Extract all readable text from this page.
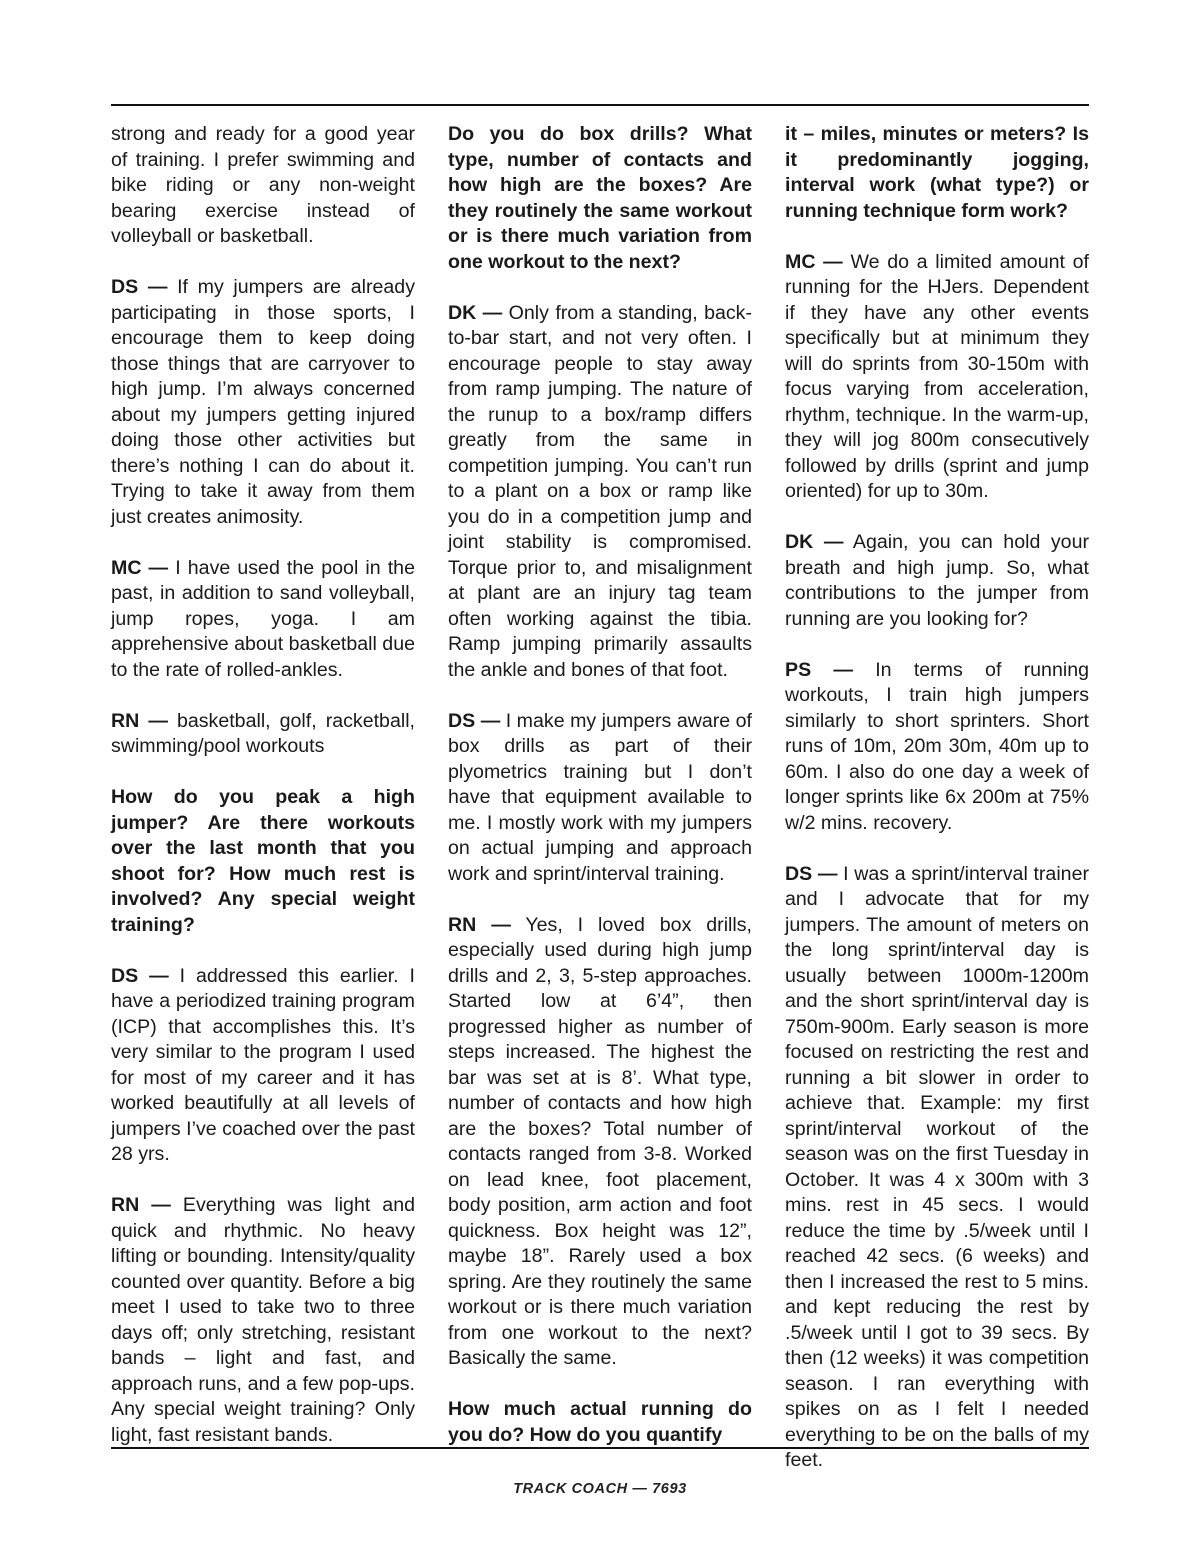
strong and ready for a good year of training. I prefer swimming and bike riding or any non-weight bearing exercise instead of volleyball or basketball.

DS — If my jumpers are already participating in those sports, I encourage them to keep doing those things that are carryover to high jump. I’m always concerned about my jumpers getting injured doing those other activities but there’s nothing I can do about it. Trying to take it away from them just creates animosity.

MC — I have used the pool in the past, in addition to sand volleyball, jump ropes, yoga. I am apprehensive about basketball due to the rate of rolled-ankles.

RN — basketball, golf, racketball, swimming/pool workouts

How do you peak a high jumper? Are there workouts over the last month that you shoot for? How much rest is involved? Any special weight training?

DS — I addressed this earlier. I have a periodized training program (ICP) that accomplishes this. It’s very similar to the program I used for most of my career and it has worked beautifully at all levels of jumpers I’ve coached over the past 28 yrs.

RN — Everything was light and quick and rhythmic. No heavy lifting or bounding. Intensity/quality counted over quantity. Before a big meet I used to take two to three days off; only stretching, resistant bands – light and fast, and approach runs, and a few pop-ups. Any special weight training? Only light, fast resistant bands.

Do you do box drills? What type, number of contacts and how high are the boxes? Are they routinely the same workout or is there much variation from one workout to the next?

DK — Only from a standing, back-to-bar start, and not very often. I encourage people to stay away from ramp jumping. The nature of the runup to a box/ramp differs greatly from the same in competition jumping. You can’t run to a plant on a box or ramp like you do in a competition jump and joint stability is compromised. Torque prior to, and misalignment at plant are an injury tag team often working against the tibia. Ramp jumping primarily assaults the ankle and bones of that foot.

DS — I make my jumpers aware of box drills as part of their plyometrics training but I don’t have that equipment available to me. I mostly work with my jumpers on actual jumping and approach work and sprint/interval training.

RN — Yes, I loved box drills, especially used during high jump drills and 2, 3, 5-step approaches. Started low at 6’4”, then progressed higher as number of steps increased. The highest the bar was set at is 8’. What type, number of contacts and how high are the boxes? Total number of contacts ranged from 3-8. Worked on lead knee, foot placement, body position, arm action and foot quickness. Box height was 12”, maybe 18”. Rarely used a box spring. Are they routinely the same workout or is there much variation from one workout to the next? Basically the same.

How much actual running do you do? How do you quantify

it – miles, minutes or meters? Is it predominantly jogging, interval work (what type?) or running technique form work?

MC — We do a limited amount of running for the HJers. Dependent if they have any other events specifically but at minimum they will do sprints from 30-150m with focus varying from acceleration, rhythm, technique. In the warm-up, they will jog 800m consecutively followed by drills (sprint and jump oriented) for up to 30m.

DK — Again, you can hold your breath and high jump. So, what contributions to the jumper from running are you looking for?

PS — In terms of running workouts, I train high jumpers similarly to short sprinters. Short runs of 10m, 20m 30m, 40m up to 60m. I also do one day a week of longer sprints like 6x 200m at 75% w/2 mins. recovery.

DS — I was a sprint/interval trainer and I advocate that for my jumpers. The amount of meters on the long sprint/interval day is usually between 1000m-1200m and the short sprint/interval day is 750m-900m. Early season is more focused on restricting the rest and running a bit slower in order to achieve that. Example: my first sprint/interval workout of the season was on the first Tuesday in October. It was 4 x 300m with 3 mins. rest in 45 secs. I would reduce the time by .5/week until I reached 42 secs. (6 weeks) and then I increased the rest to 5 mins. and kept reducing the rest by .5/week until I got to 39 secs. By then (12 weeks) it was competition season. I ran everything with spikes on as I felt I needed everything to be on the balls of my feet.

TRACK COACH — 7693
